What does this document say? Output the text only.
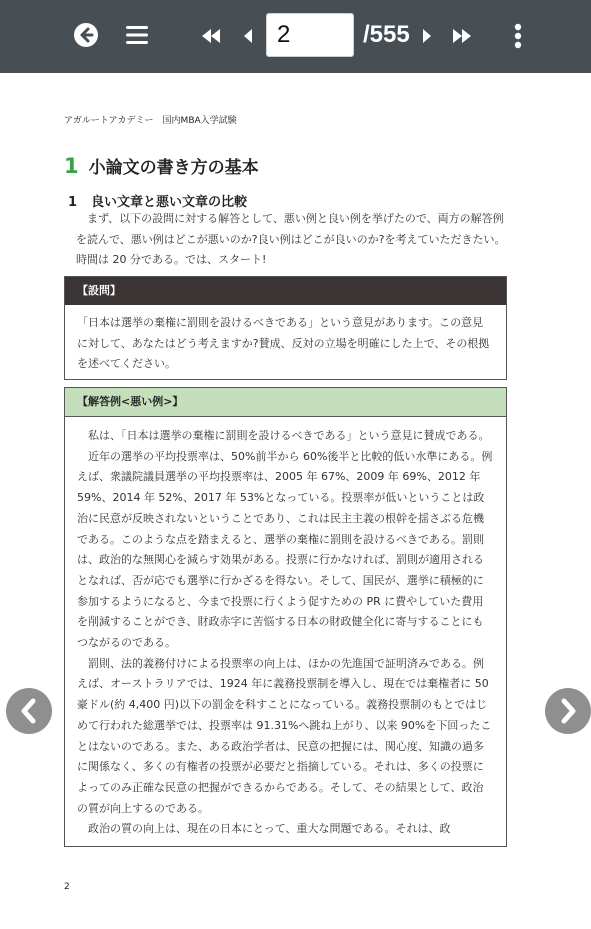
2
/555
アガルートアカデミー　国内MBA入学試験
1 小論文の書き方の基本
1 良い文章と悪い文章の比較
まず、以下の設問に対する解答として、悪い例と良い例を挙げたので、両方の解答例を読んで、悪い例はどこが悪いのか?良い例はどこが良いのか?を考えていただきたい。時間は 20 分である。では、スタート!
【設問】
「日本は選挙の棄権に罰則を設けるべきである」という意見があります。この意見に対して、あなたはどう考えますか?賛成、反対の立場を明確にした上で、その根拠を述べてください。
【解答例<悪い例>】

私は、「日本は選挙の棄権に罰則を設けるべきである」という意見に賛成である。

近年の選挙の平均投票率は、50%前半から 60%後半と比較的低い水準にある。例えば、衆議院議員選挙の平均投票率は、2005 年 67%、2009 年 69%、2012 年 59%、2014 年 52%、2017 年 53%となっている。投票率が低いということは政治に民意が反映されないということであり、これは民主主義の根幹を揺さぶる危機である。このような点を踏まえると、選挙の棄権に罰則を設けるべきである。罰則は、政治的な無関心を減らす効果がある。投票に行かなければ、罰則が適用されるとなれば、否が応でも選挙に行かざるを得ない。そして、国民が、選挙に積極的に参加するようになると、今まで投票に行くよう促すための PR に費やしていた費用を削減することができ、財政赤字に苦悩する日本の財政健全化に寄与することにもつながるのである。

罰則、法的義務付けによる投票率の向上は、ほかの先進国で証明済みである。例えば、オーストラリアでは、1924 年に義務投票制を導入し、現在では棄権者に 50 豪ドル(約 4,400 円)以下の罰金を科すことになっている。義務投票制のもとではじめて行われた総選挙では、投票率は 91.31%へ跳ね上がり、以来 90%を下回ったことはないのである。また、ある政治学者は、民意の把握には、関心度、知識の過多に関係なく、多くの有権者の投票が必要だと指摘している。それは、多くの投票によってのみ正確な民意の把握ができるからである。そして、その結果として、政治の質が向上するのである。

政治の質の向上は、現在の日本にとって、重大な問題である。それは、政

2
